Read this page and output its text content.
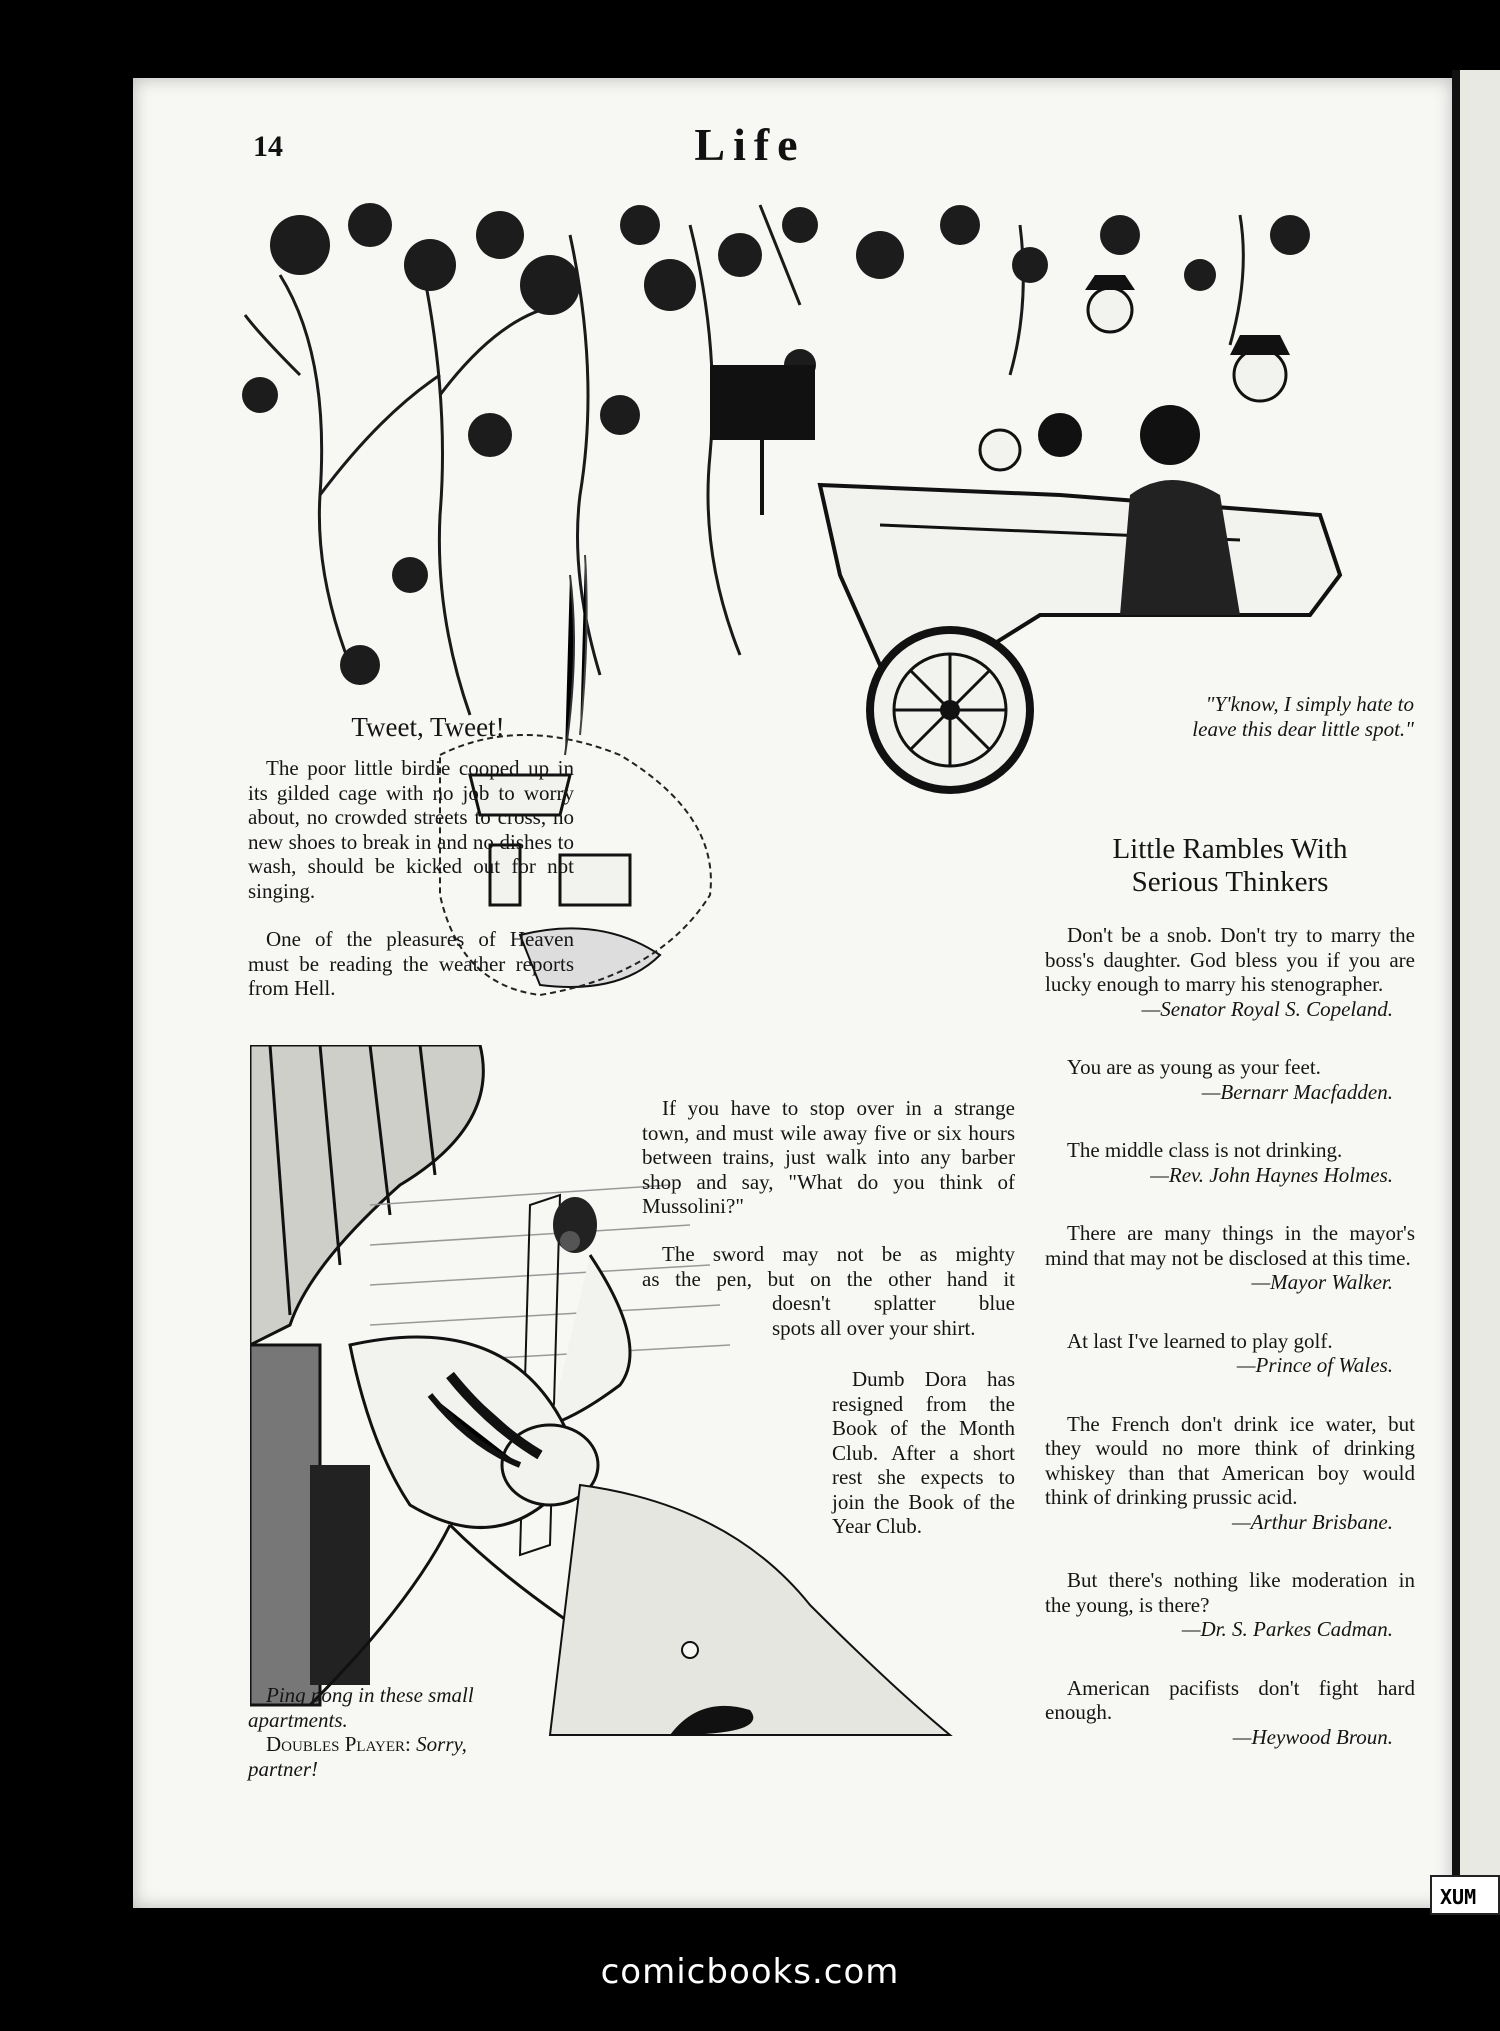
14	Life
"Y'know, I simply hate to
leave this dear little spot."
Tweet, Tweet!

The poor little birdie cooped up in its gilded cage with no job to worry about, no crowded streets to cross, no new shoes to break in and no dishes to wash, should be kicked out for not singing.

One of the pleasures of Heaven must be reading the weather reports from Hell.

Ping pong in these small apartments.

Doubles Player: Sorry, partner!

If you have to stop over in a strange town, and must wile away five or six hours between trains, just walk into any barber shop and say, "What do you think of Mussolini?"

The sword may not be as mighty
as the pen, but on the other hand it
doesn't splatter blue
spots all over your shirt.

Dumb Dora has resigned from the Book of the Month Club. After a short rest she expects to join the Book of the Year Club.

Little Rambles With
Serious Thinkers

Don't be a snob. Don't try to marry the boss's daughter. God bless you if you are lucky enough to marry his stenographer.

—Senator Royal S. Copeland.

You are as young as your feet.

—Bernarr Macfadden.

The middle class is not drinking.

—Rev. John Haynes Holmes.

There are many things in the mayor's mind that may not be disclosed at this time.

—Mayor Walker.

At last I've learned to play golf.

—Prince of Wales.

The French don't drink ice water, but they would no more think of drinking whiskey than that American boy would think of drinking prussic acid.

—Arthur Brisbane.

But there's nothing like moderation in the young, is there?

—Dr. S. Parkes Cadman.

American pacifists don't fight hard enough.

—Heywood Broun.

XUM
comicbooks.com
